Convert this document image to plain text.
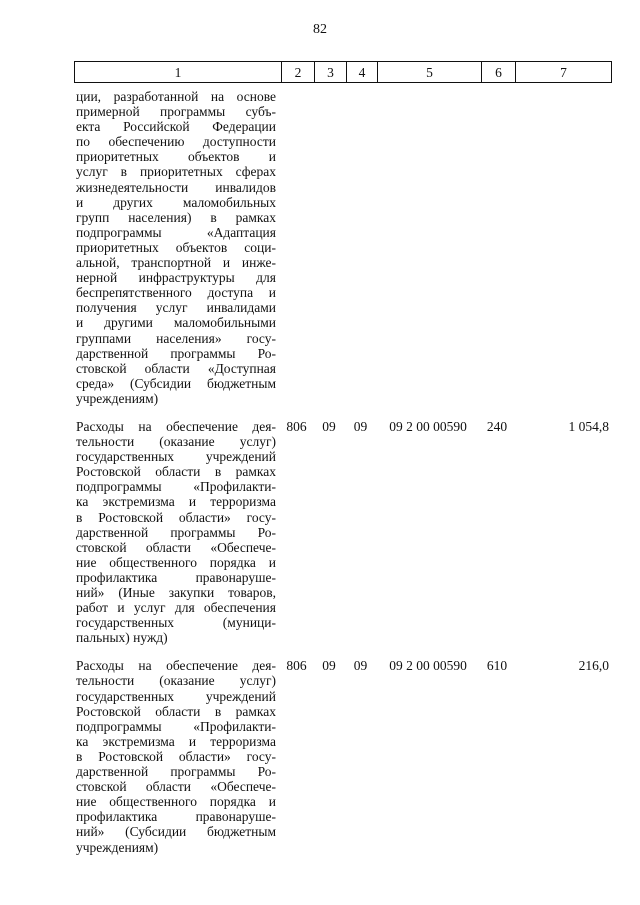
82
1	2	3	4	5	6	7
ции, разработанной на основе
примерной программы субъ-
екта Российской Федерации
по обеспечению доступности
приоритетных объектов и
услуг в приоритетных сферах
жизнедеятельности инвалидов
и других маломобильных
групп населения) в рамках
подпрограммы «Адаптация
приоритетных объектов соци-
альной, транспортной и инже-
нерной инфраструктуры для
беспрепятственного доступа и
получения услуг инвалидами
и другими маломобильными
группами населения» госу-
дарственной программы Ро-
стовской области «Доступная
среда» (Субсидии бюджетным
учреждениям)
Расходы на обеспечение дея-
тельности (оказание услуг)
государственных учреждений
Ростовской области в рамках
подпрограммы «Профилакти-
ка экстремизма и терроризма
в Ростовской области» госу-
дарственной программы Ро-
стовской области «Обеспече-
ние общественного порядка и
профилактика правонаруше-
ний» (Иные закупки товаров,
работ и услуг для обеспечения
государственных (муници-
пальных) нужд)
806	09	09	09 2 00 00590	240	1 054,8
Расходы на обеспечение дея-
тельности (оказание услуг)
государственных учреждений
Ростовской области в рамках
подпрограммы «Профилакти-
ка экстремизма и терроризма
в Ростовской области» госу-
дарственной программы Ро-
стовской области «Обеспече-
ние общественного порядка и
профилактика правонаруше-
ний» (Субсидии бюджетным
учреждениям)
806	09	09	09 2 00 00590	610	216,0
